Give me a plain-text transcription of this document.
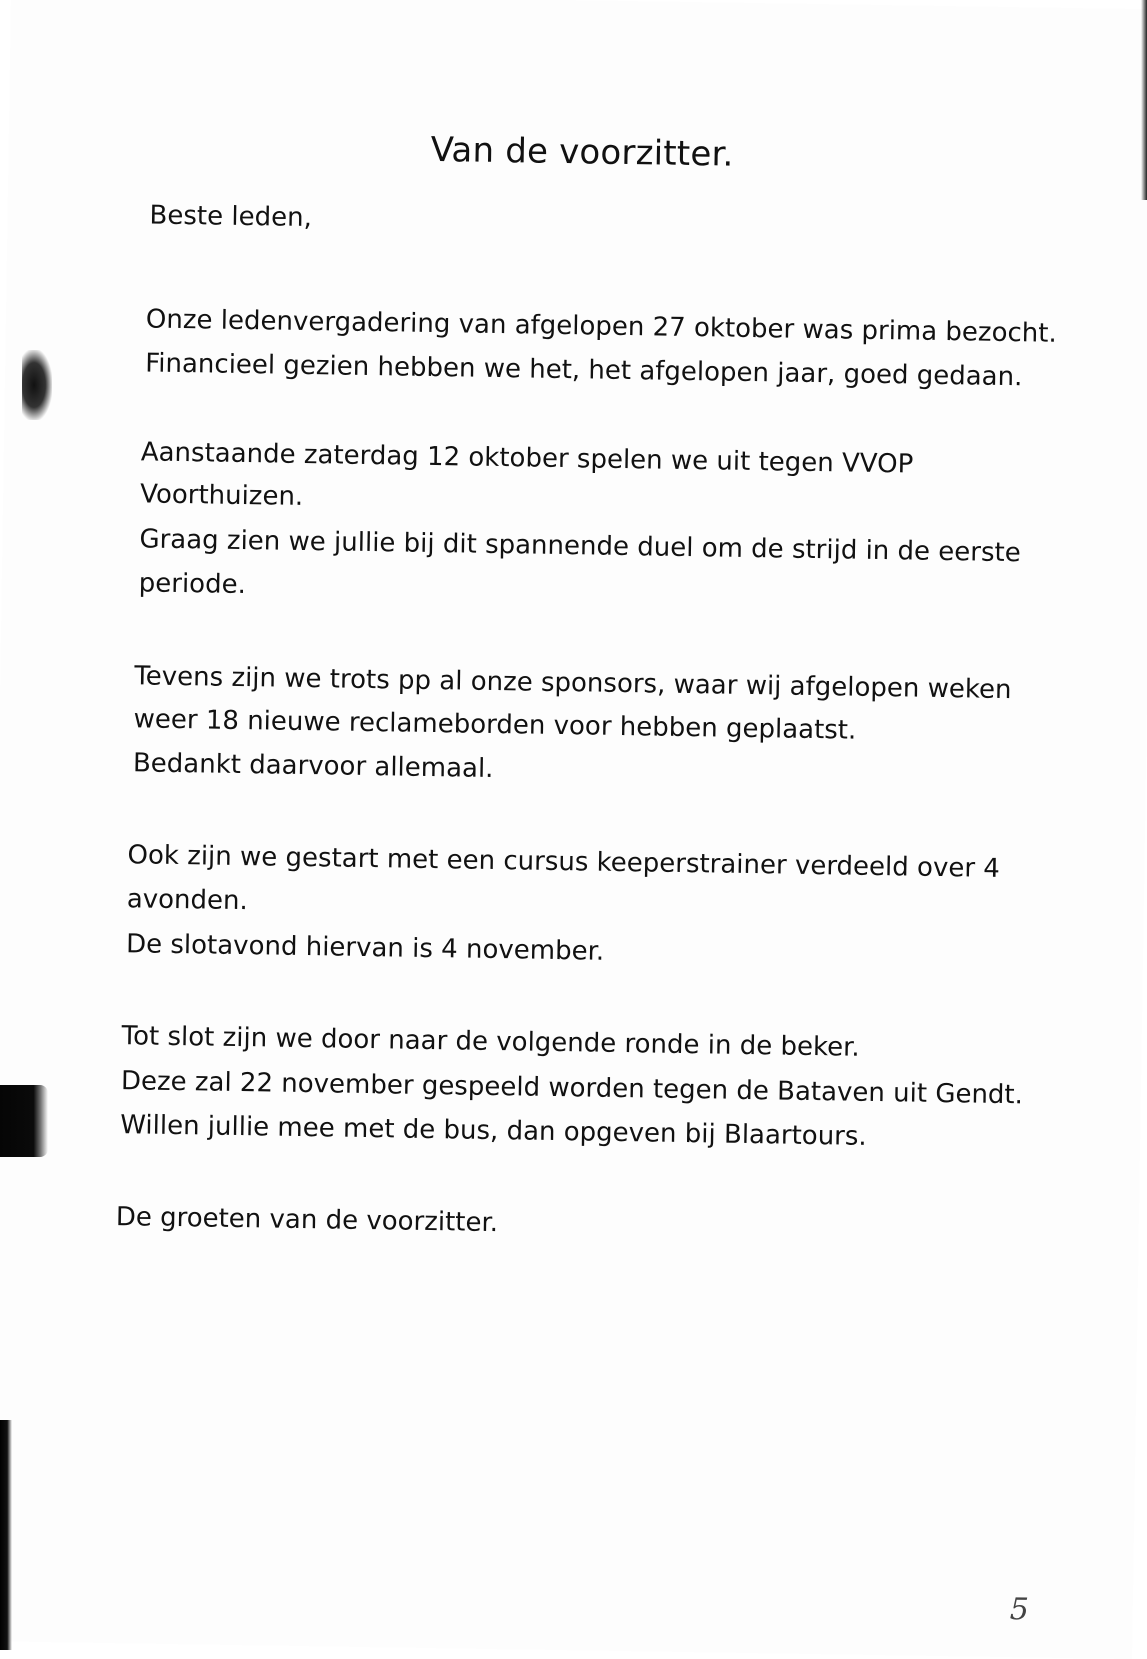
Van de voorzitter.

Beste leden,

Onze ledenvergadering van afgelopen 27 oktober was prima bezocht.

Financieel gezien hebben we het, het afgelopen jaar, goed gedaan.

Aanstaande zaterdag 12 oktober spelen we uit tegen VVOP

Voorthuizen.

Graag zien we jullie bij dit spannende duel om de strijd in de eerste

periode.

Tevens zijn we trots pp al onze sponsors, waar wij afgelopen weken

weer 18 nieuwe reclameborden voor hebben geplaatst.

Bedankt daarvoor allemaal.

Ook zijn we gestart met een cursus keeperstrainer verdeeld over 4

avonden.

De slotavond hiervan is 4 november.

Tot slot zijn we door naar de volgende ronde in de beker.

Deze zal 22 november gespeeld worden tegen de Bataven uit Gendt.

Willen jullie mee met de bus, dan opgeven bij Blaartours.

De groeten van de voorzitter.

5
